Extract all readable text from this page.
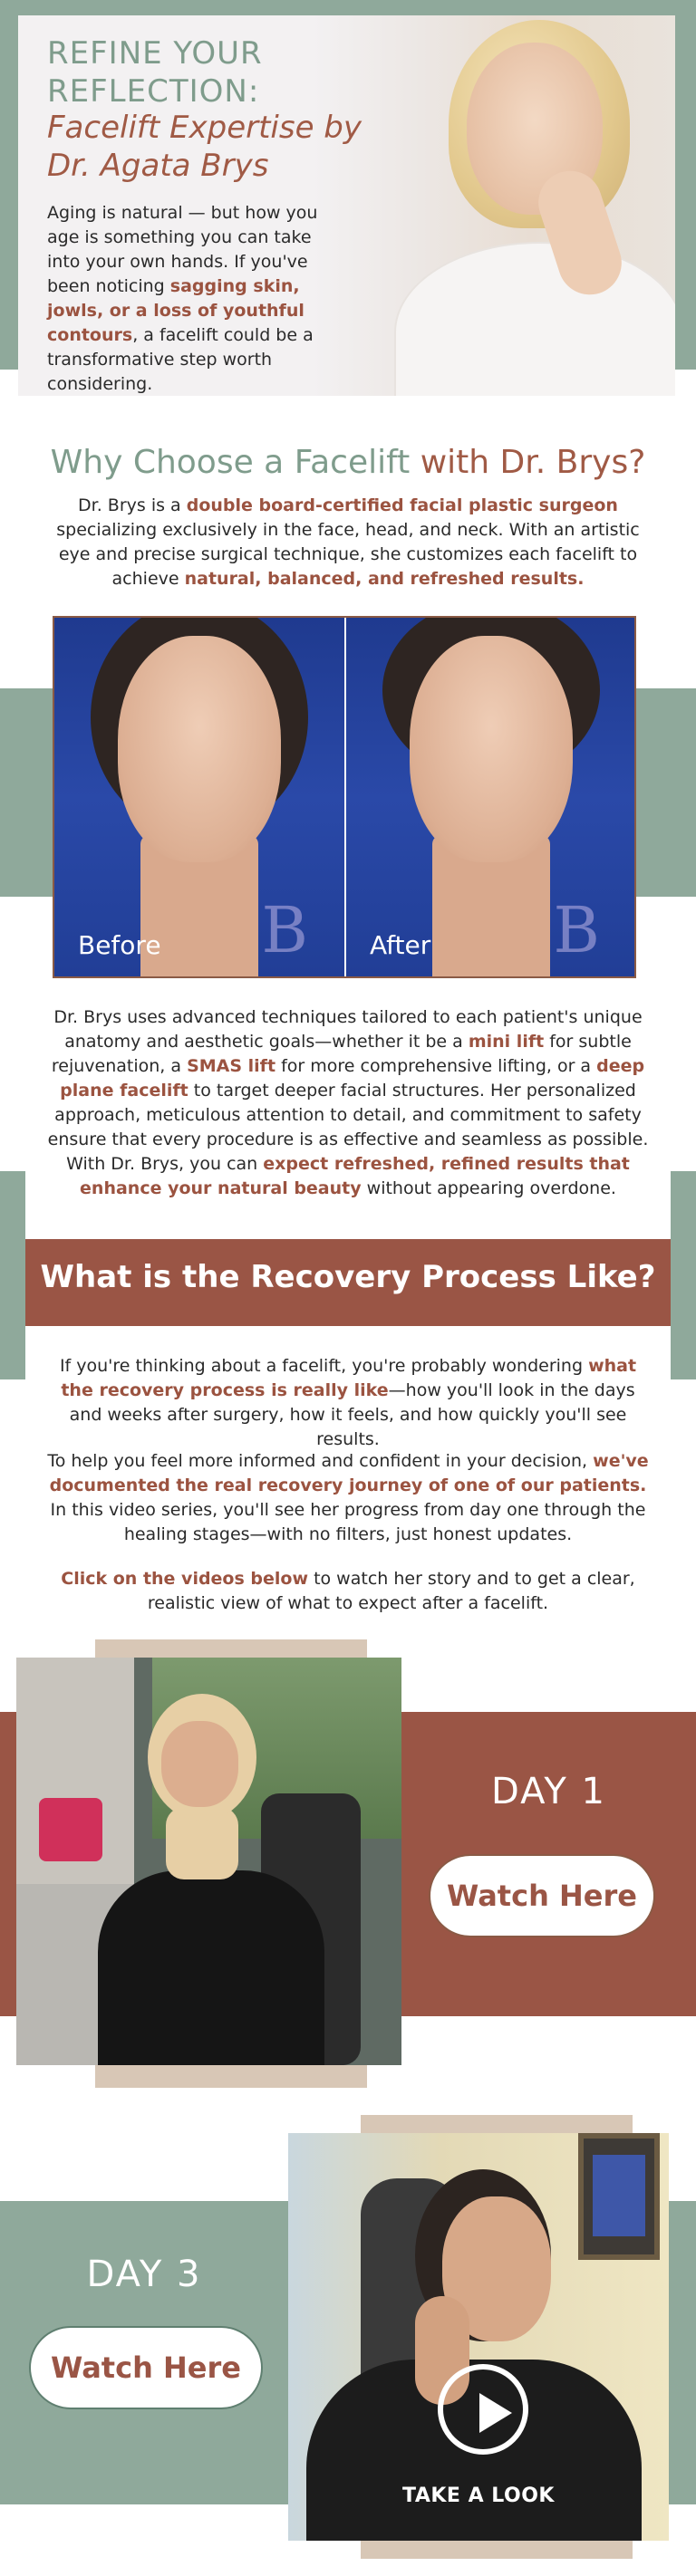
REFINE YOUR REFLECTION:
Facelift Expertise by Dr. Agata Brys
Aging is natural — but how you age is something you can take into your own hands. If you've been noticing sagging skin, jowls, or a loss of youthful contours, a facelift could be a transformative step worth considering.
Why Choose a Facelift with Dr. Brys?
Dr. Brys is a double board-certified facial plastic surgeon specializing exclusively in the face, head, and neck. With an artistic eye and precise surgical technique, she customizes each facelift to achieve natural, balanced, and refreshed results.
Before B After B
Dr. Brys uses advanced techniques tailored to each patient's unique anatomy and aesthetic goals—whether it be a mini lift for subtle rejuvenation, a SMAS lift for more comprehensive lifting, or a deep plane facelift to target deeper facial structures. Her personalized approach, meticulous attention to detail, and commitment to safety ensure that every procedure is as effective and seamless as possible. With Dr. Brys, you can expect refreshed, refined results that enhance your natural beauty without appearing overdone.
What is the Recovery Process Like?
If you're thinking about a facelift, you're probably wondering what the recovery process is really like—how you'll look in the days and weeks after surgery, how it feels, and how quickly you'll see results.
To help you feel more informed and confident in your decision, we've documented the real recovery journey of one of our patients. In this video series, you'll see her progress from day one through the healing stages—with no filters, just honest updates.
Click on the videos below to watch her story and to get a clear, realistic view of what to expect after a facelift.
DAY 1
Watch Here
TAKE A LOOK
DAY 3
Watch Here
